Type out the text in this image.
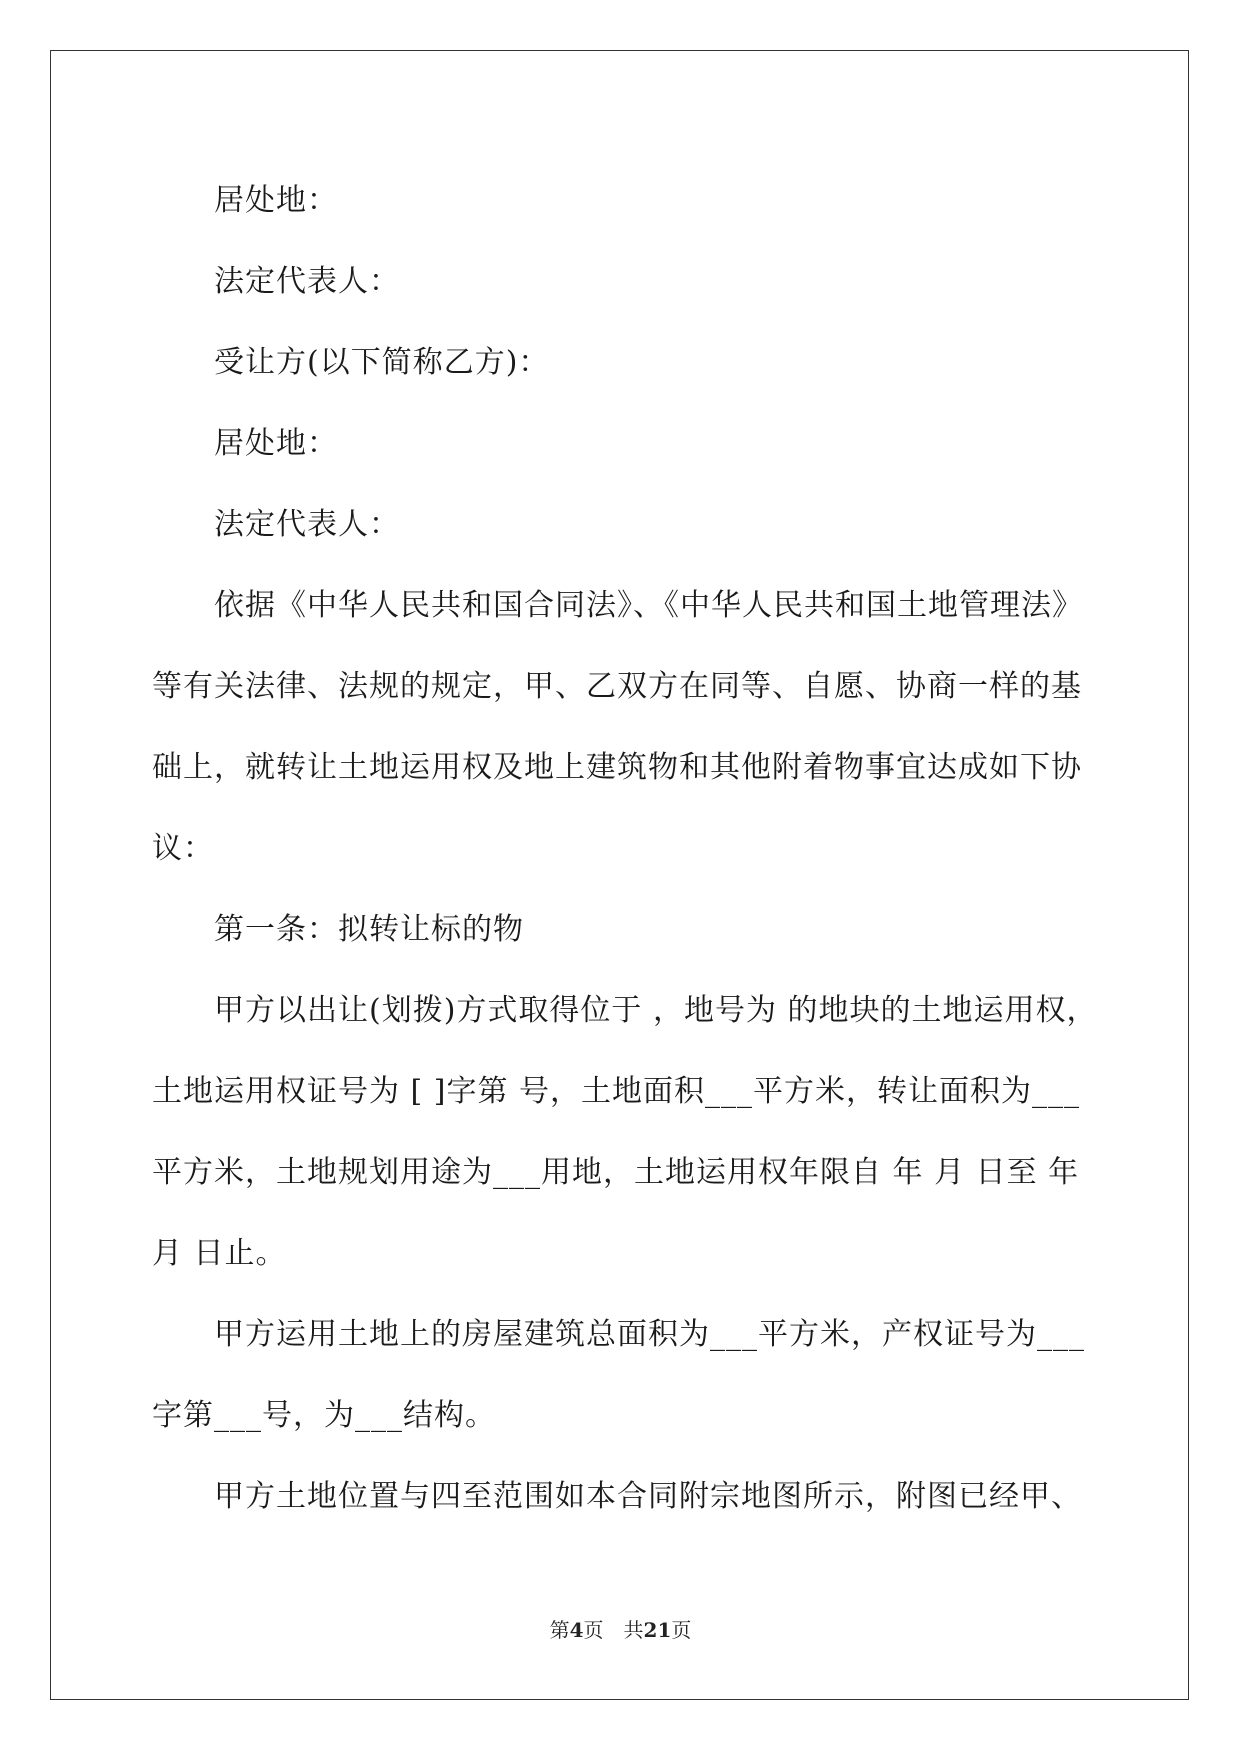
居处地：
法定代表人：
受让方(以下简称乙方)：
居处地：
法定代表人：
依据《中华人民共和国合同法》、《中华人民共和国土地管理法》
等有关法律、法规的规定，甲、乙双方在同等、自愿、协商一样的基
础上，就转让土地运用权及地上建筑物和其他附着物事宜达成如下协
议：
第一条：拟转让标的物
甲方以出让(划拨)方式取得位于 ，地号为 的地块的土地运用权，
土地运用权证号为 [ ]字第 号，土地面积___平方米，转让面积为___
平方米，土地规划用途为___用地，土地运用权年限自 年 月 日至 年
月 日止。
甲方运用土地上的房屋建筑总面积为___平方米，产权证号为___
字第___号，为___结构。
甲方土地位置与四至范围如本合同附宗地图所示，附图已经甲、
第4页 共21页
